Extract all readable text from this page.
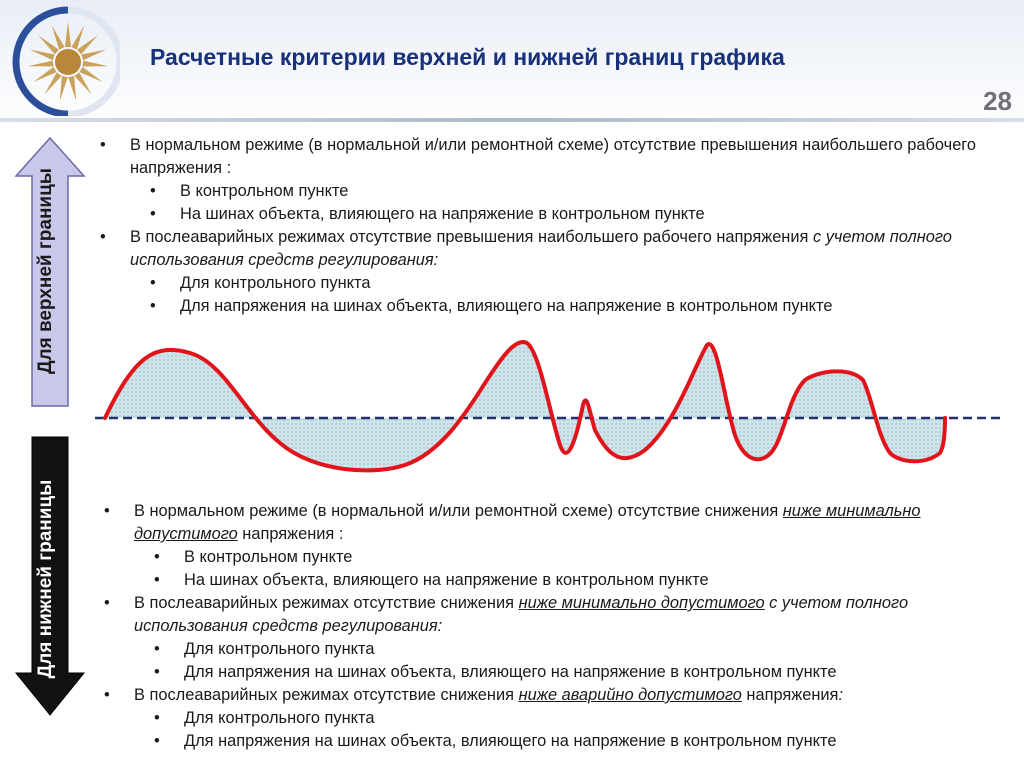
Расчетные критерии верхней и нижней границ графика
28
Для верхней границы
Для нижней границы
• В нормальном режиме (в нормальной и/или ремонтной схеме) отсутствие превышения наибольшего рабочего напряжения :
• В контрольном пункте
• На шинах объекта, влияющего на напряжение в контрольном пункте
• В послеаварийных режимах отсутствие превышения наибольшего рабочего напряжения с учетом полного использования средств регулирования:
• Для контрольного пункта
• Для напряжения на шинах объекта, влияющего на напряжение в контрольном пункте
• В нормальном режиме (в нормальной и/или ремонтной схеме) отсутствие снижения ниже минимально допустимого напряжения :
• В контрольном пункте
• На шинах объекта, влияющего на напряжение в контрольном пункте
• В послеаварийных режимах отсутствие снижения ниже минимально допустимого с учетом полного использования средств регулирования:
• Для контрольного пункта
• Для напряжения на шинах объекта, влияющего на напряжение в контрольном пункте
• В послеаварийных режимах отсутствие снижения ниже аварийно допустимого напряжения:
• Для контрольного пункта
• Для напряжения на шинах объекта, влияющего на напряжение в контрольном пункте
